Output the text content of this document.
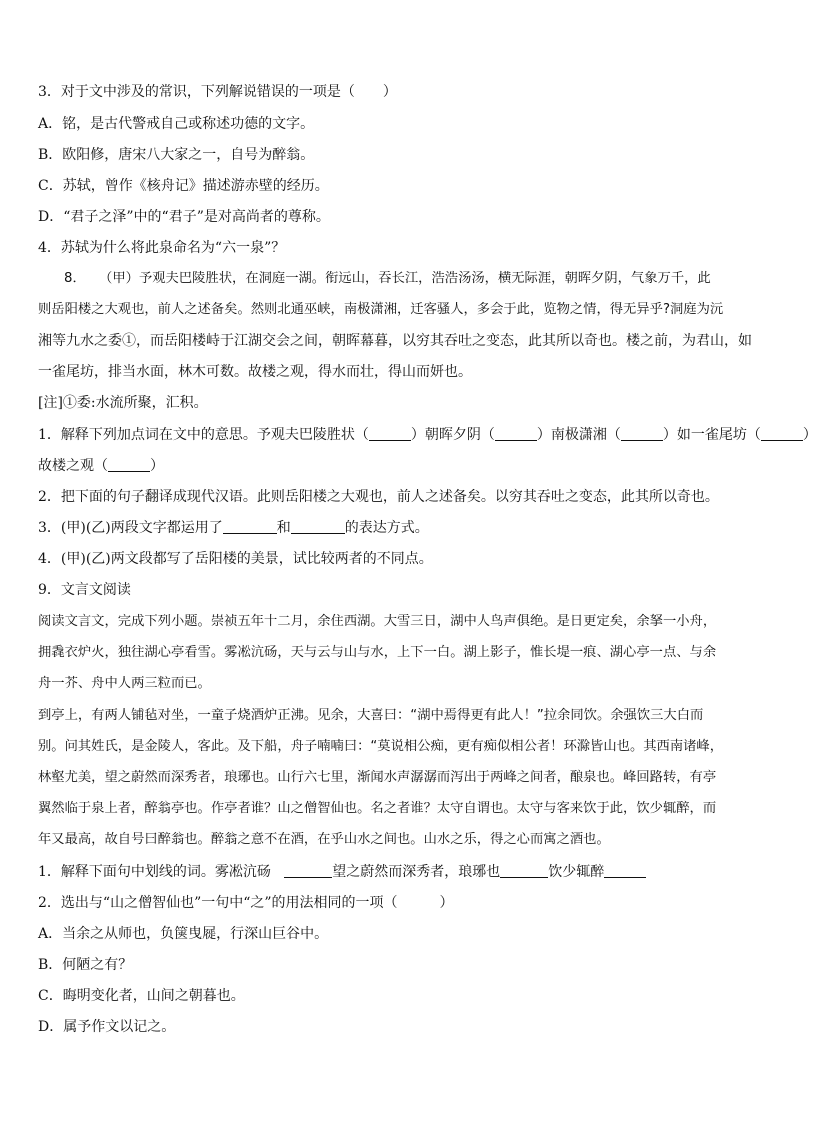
3．对于文中涉及的常识，下列解说错误的一项是（　　）
A．铭，是古代警戒自己或称述功德的文字。
B．欧阳修，唐宋八大家之一，自号为醉翁。
C．苏轼，曾作《核舟记》描述游赤壁的经历。
D．“君子之泽”中的“君子”是对高尚者的尊称。
4．苏轼为什么将此泉命名为“六一泉”？
8．　　（甲）予观夫巴陵胜状，在洞庭一湖。衔远山，吞长江，浩浩汤汤，横无际涯，朝晖夕阴，气象万千，此
则岳阳楼之大观也，前人之述备矣。然则北通巫峡，南极潇湘，迁客骚人，多会于此，览物之情，得无异乎?洞庭为沅
湘等九水之委①，而岳阳楼峙于江湖交会之间，朝晖幕暮，以穷其吞吐之变态，此其所以奇也。楼之前，为君山，如
一雀尾坊，排当水面，林木可数。故楼之观，得水而壮，得山而妍也。
[注]①委:水流所聚，汇积。
1．解释下列加点词在文中的意思。予观夫巴陵胜状（	）朝晖夕阴（	）南极潇湘（	）如一雀尾坊（	）
故楼之观（	）
2．把下面的句子翻译成现代汉语。此则岳阳楼之大观也，前人之述备矣。以穷其吞吐之变态，此其所以奇也。
3．(甲)(乙)两段文字都运用了	和	的表达方式。
4．(甲)(乙)两文段都写了岳阳楼的美景，试比较两者的不同点。
9．文言文阅读
阅读文言文，完成下列小题。崇祯五年十二月，余住西湖。大雪三日，湖中人鸟声俱绝。是日更定矣，余拏一小舟，
拥毳衣炉火，独往湖心亭看雪。雾凇沆砀，天与云与山与水，上下一白。湖上影子，惟长堤一痕、湖心亭一点、与余
舟一芥、舟中人两三粒而已。
到亭上，有两人铺毡对坐，一童子烧酒炉正沸。见余，大喜曰：“湖中焉得更有此人！”拉余同饮。余强饮三大白而
别。问其姓氏，是金陵人，客此。及下船，舟子喃喃曰：“莫说相公痴，更有痴似相公者！环滁皆山也。其西南诸峰，
林壑尤美，望之蔚然而深秀者，琅琊也。山行六七里，渐闻水声潺潺而泻出于两峰之间者，酿泉也。峰回路转，有亭
翼然临于泉上者，醉翁亭也。作亭者谁？山之僧智仙也。名之者谁？太守自谓也。太守与客来饮于此，饮少辄醉，而
年又最高，故自号曰醉翁也。醉翁之意不在酒，在乎山水之间也。山水之乐，得之心而寓之酒也。
1．解释下面句中划线的词。雾凇沆砀	望之蔚然而深秀者，琅琊也	饮少辄醉
2．选出与“山之僧智仙也”一句中“之”的用法相同的一项（　　　）
A．当余之从师也，负箧曳屣，行深山巨谷中。
B．何陋之有？
C．晦明变化者，山间之朝暮也。
D．属予作文以记之。
